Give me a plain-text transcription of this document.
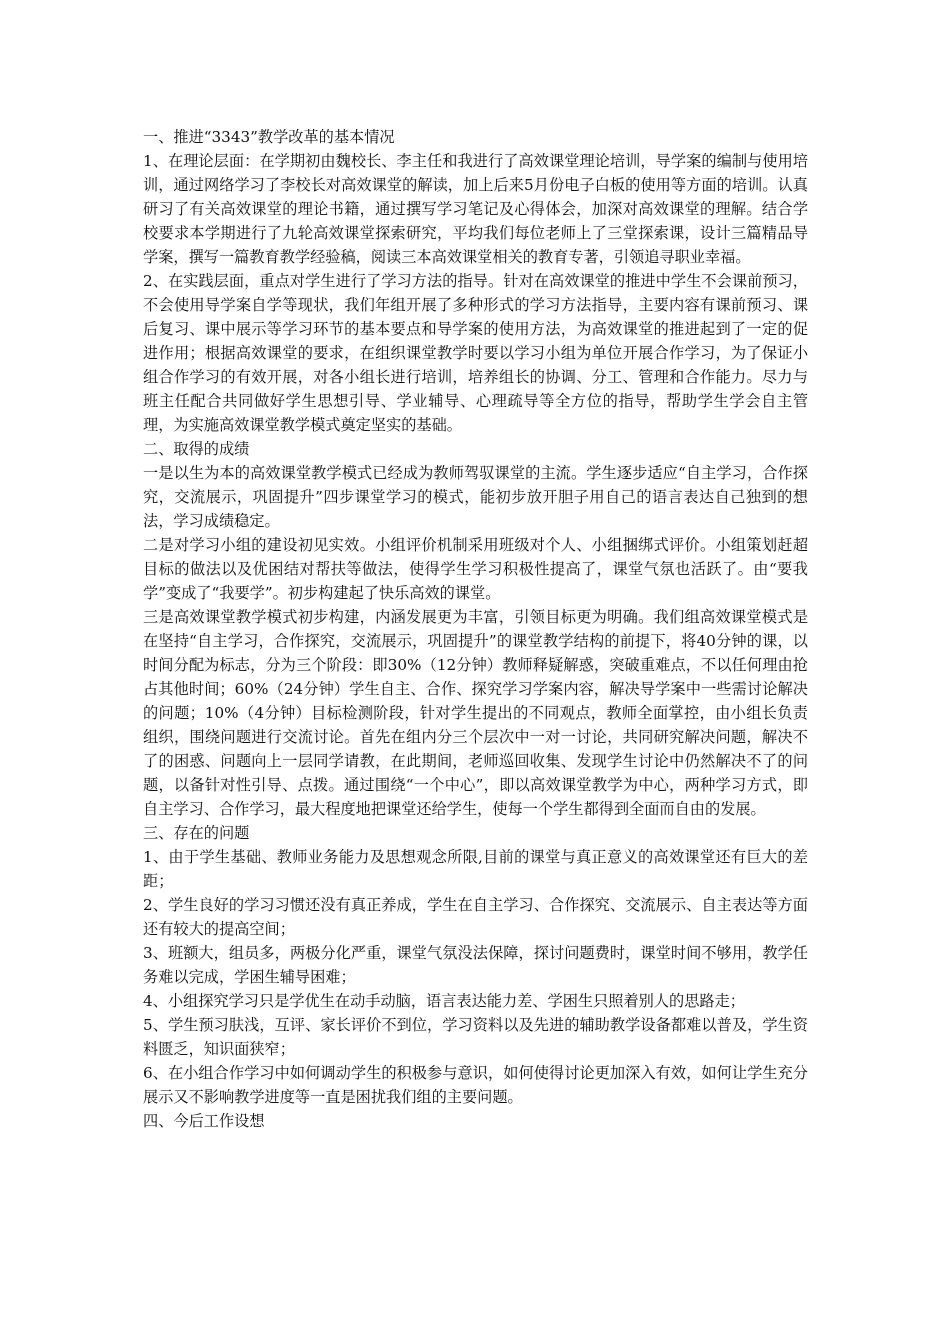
一、推进“3343”教学改革的基本情况

1、在理论层面：在学期初由魏校长、李主任和我进行了高效课堂理论培训，导学案的编制与使用培训，通过网络学习了李校长对高效课堂的解读，加上后来5月份电子白板的使用等方面的培训。认真研习了有关高效课堂的理论书籍，通过撰写学习笔记及心得体会，加深对高效课堂的理解。结合学校要求本学期进行了九轮高效课堂探索研究，平均我们每位老师上了三堂探索课，设计三篇精品导学案，撰写一篇教育教学经验稿，阅读三本高效课堂相关的教育专著，引领追寻职业幸福。

2、在实践层面，重点对学生进行了学习方法的指导。针对在高效课堂的推进中学生不会课前预习，不会使用导学案自学等现状，我们年组开展了多种形式的学习方法指导，主要内容有课前预习、课后复习、课中展示等学习环节的基本要点和导学案的使用方法，为高效课堂的推进起到了一定的促进作用；根据高效课堂的要求，在组织课堂教学时要以学习小组为单位开展合作学习，为了保证小组合作学习的有效开展，对各小组长进行培训，培养组长的协调、分工、管理和合作能力。尽力与班主任配合共同做好学生思想引导、学业辅导、心理疏导等全方位的指导，帮助学生学会自主管理，为实施高效课堂教学模式奠定坚实的基础。

二、取得的成绩

一是以生为本的高效课堂教学模式已经成为教师驾驭课堂的主流。学生逐步适应“自主学习，合作探究，交流展示，巩固提升”四步课堂学习的模式，能初步放开胆子用自己的语言表达自己独到的想法，学习成绩稳定。

二是对学习小组的建设初见实效。小组评价机制采用班级对个人、小组捆绑式评价。小组策划赶超目标的做法以及优困结对帮扶等做法，使得学生学习积极性提高了，课堂气氛也活跃了。由“要我学”变成了“我要学”。初步构建起了快乐高效的课堂。

三是高效课堂教学模式初步构建，内涵发展更为丰富，引领目标更为明确。我们组高效课堂模式是在坚持“自主学习，合作探究，交流展示，巩固提升”的课堂教学结构的前提下，将40分钟的课，以时间分配为标志，分为三个阶段：即30%（12分钟）教师释疑解惑，突破重难点，不以任何理由抢占其他时间；60%（24分钟）学生自主、合作、探究学习学案内容，解决导学案中一些需讨论解决的问题；10%（4分钟）目标检测阶段，针对学生提出的不同观点，教师全面掌控，由小组长负责组织，围绕问题进行交流讨论。首先在组内分三个层次中一对一讨论，共同研究解决问题，解决不了的困惑、问题向上一层同学请教，在此期间，老师巡回收集、发现学生讨论中仍然解决不了的问题，以备针对性引导、点拨。通过围绕“一个中心”，即以高效课堂教学为中心，两种学习方式，即自主学习、合作学习，最大程度地把课堂还给学生，使每一个学生都得到全面而自由的发展。

三、存在的问题

1、由于学生基础、教师业务能力及思想观念所限,目前的课堂与真正意义的高效课堂还有巨大的差距；

2、学生良好的学习习惯还没有真正养成，学生在自主学习、合作探究、交流展示、自主表达等方面还有较大的提高空间；

3、班额大，组员多，两极分化严重，课堂气氛没法保障，探讨问题费时，课堂时间不够用，教学任务难以完成，学困生辅导困难；

4、小组探究学习只是学优生在动手动脑，语言表达能力差、学困生只照着别人的思路走；

5、学生预习肤浅，互评、家长评价不到位，学习资料以及先进的辅助教学设备都难以普及，学生资料匮乏，知识面狭窄；

6、在小组合作学习中如何调动学生的积极参与意识，如何使得讨论更加深入有效，如何让学生充分展示又不影响教学进度等一直是困扰我们组的主要问题。

四、今后工作设想
